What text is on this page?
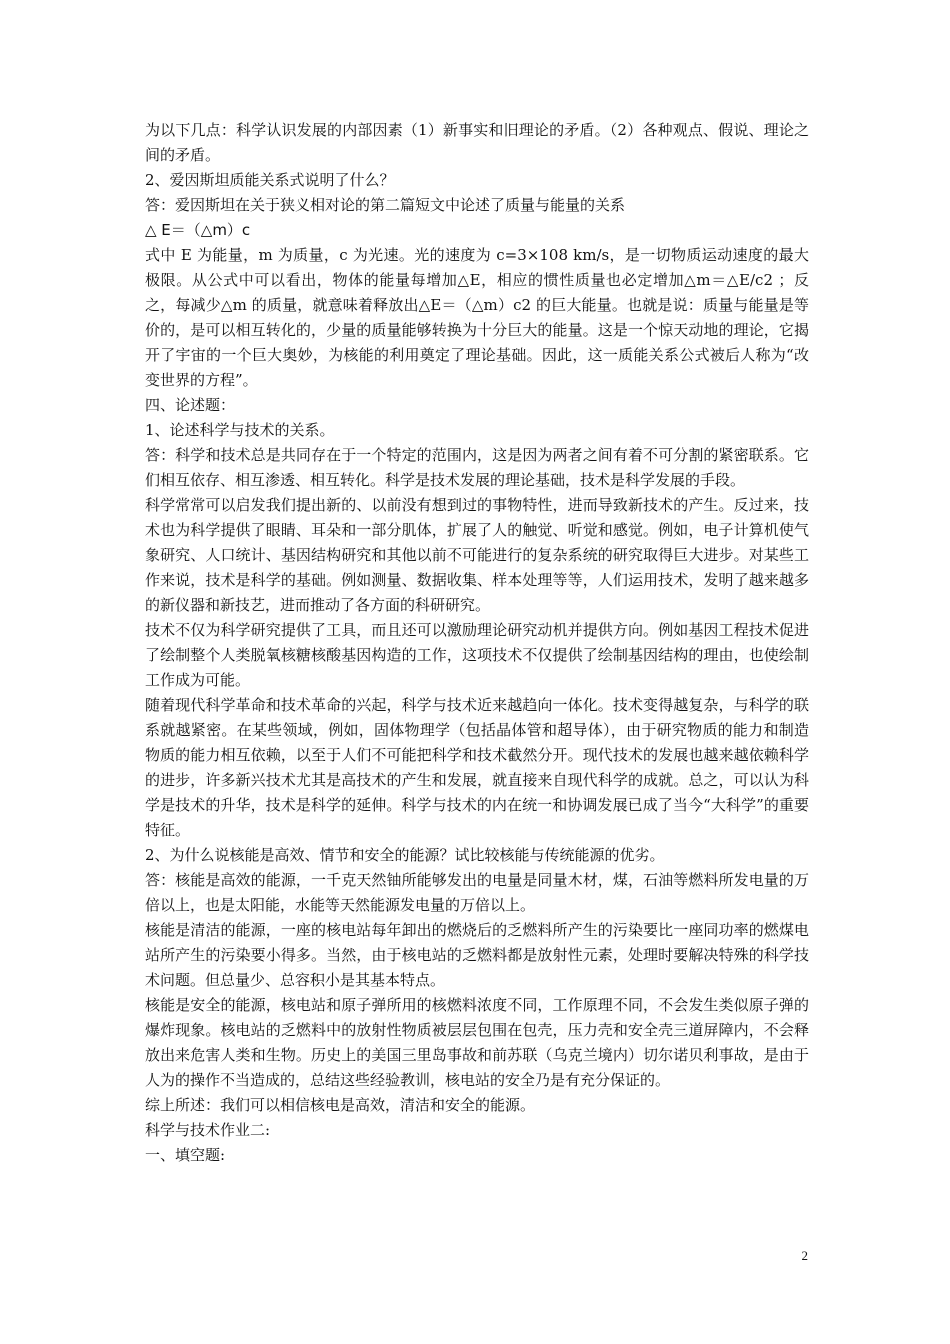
为以下几点：科学认识发展的内部因素（1）新事实和旧理论的矛盾。（2）各种观点、假说、理论之间的矛盾。

2、爱因斯坦质能关系式说明了什么？

答：爱因斯坦在关于狭义相对论的第二篇短文中论述了质量与能量的关系

△ E＝（△m）c

式中 E 为能量，m 为质量，c 为光速。光的速度为 c=3×108 km/s，是一切物质运动速度的最大极限。从公式中可以看出，物体的能量每增加△E，相应的惯性质量也必定增加△m＝△E/c2 ；反之，每减少△m 的质量，就意味着释放出△E＝（△m）c2 的巨大能量。也就是说：质量与能量是等价的，是可以相互转化的，少量的质量能够转换为十分巨大的能量。这是一个惊天动地的理论，它揭开了宇宙的一个巨大奥妙，为核能的利用奠定了理论基础。因此，这一质能关系公式被后人称为“改变世界的方程”。

四、论述题：

1、论述科学与技术的关系。

答：科学和技术总是共同存在于一个特定的范围内，这是因为两者之间有着不可分割的紧密联系。它们相互依存、相互渗透、相互转化。科学是技术发展的理论基础，技术是科学发展的手段。

科学常常可以启发我们提出新的、以前没有想到过的事物特性，进而导致新技术的产生。反过来，技术也为科学提供了眼睛、耳朵和一部分肌体，扩展了人的触觉、听觉和感觉。例如，电子计算机使气象研究、人口统计、基因结构研究和其他以前不可能进行的复杂系统的研究取得巨大进步。对某些工作来说，技术是科学的基础。例如测量、数据收集、样本处理等等，人们运用技术，发明了越来越多的新仪器和新技艺，进而推动了各方面的科研研究。

技术不仅为科学研究提供了工具，而且还可以激励理论研究动机并提供方向。例如基因工程技术促进了绘制整个人类脱氧核糖核酸基因构造的工作，这项技术不仅提供了绘制基因结构的理由，也使绘制工作成为可能。

随着现代科学革命和技术革命的兴起，科学与技术近来越趋向一体化。技术变得越复杂，与科学的联系就越紧密。在某些领域，例如，固体物理学（包括晶体管和超导体），由于研究物质的能力和制造物质的能力相互依赖，以至于人们不可能把科学和技术截然分开。现代技术的发展也越来越依赖科学的进步，许多新兴技术尤其是高技术的产生和发展，就直接来自现代科学的成就。总之，可以认为科学是技术的升华，技术是科学的延伸。科学与技术的内在统一和协调发展已成了当今“大科学”的重要特征。

2、为什么说核能是高效、情节和安全的能源？试比较核能与传统能源的优劣。

答：核能是高效的能源，一千克天然铀所能够发出的电量是同量木材，煤，石油等燃料所发电量的万倍以上，也是太阳能，水能等天然能源发电量的万倍以上。

核能是清洁的能源，一座的核电站每年卸出的燃烧后的乏燃料所产生的污染要比一座同功率的燃煤电站所产生的污染要小得多。当然，由于核电站的乏燃料都是放射性元素，处理时要解决特殊的科学技术问题。但总量少、总容积小是其基本特点。

核能是安全的能源，核电站和原子弹所用的核燃料浓度不同，工作原理不同，不会发生类似原子弹的爆炸现象。核电站的乏燃料中的放射性物质被层层包围在包壳，压力壳和安全壳三道屏障内，不会释放出来危害人类和生物。历史上的美国三里岛事故和前苏联（乌克兰境内）切尔诺贝利事故，是由于人为的操作不当造成的，总结这些经验教训，核电站的安全乃是有充分保证的。

综上所述：我们可以相信核电是高效，清洁和安全的能源。

科学与技术作业二:

一、填空题:

2
